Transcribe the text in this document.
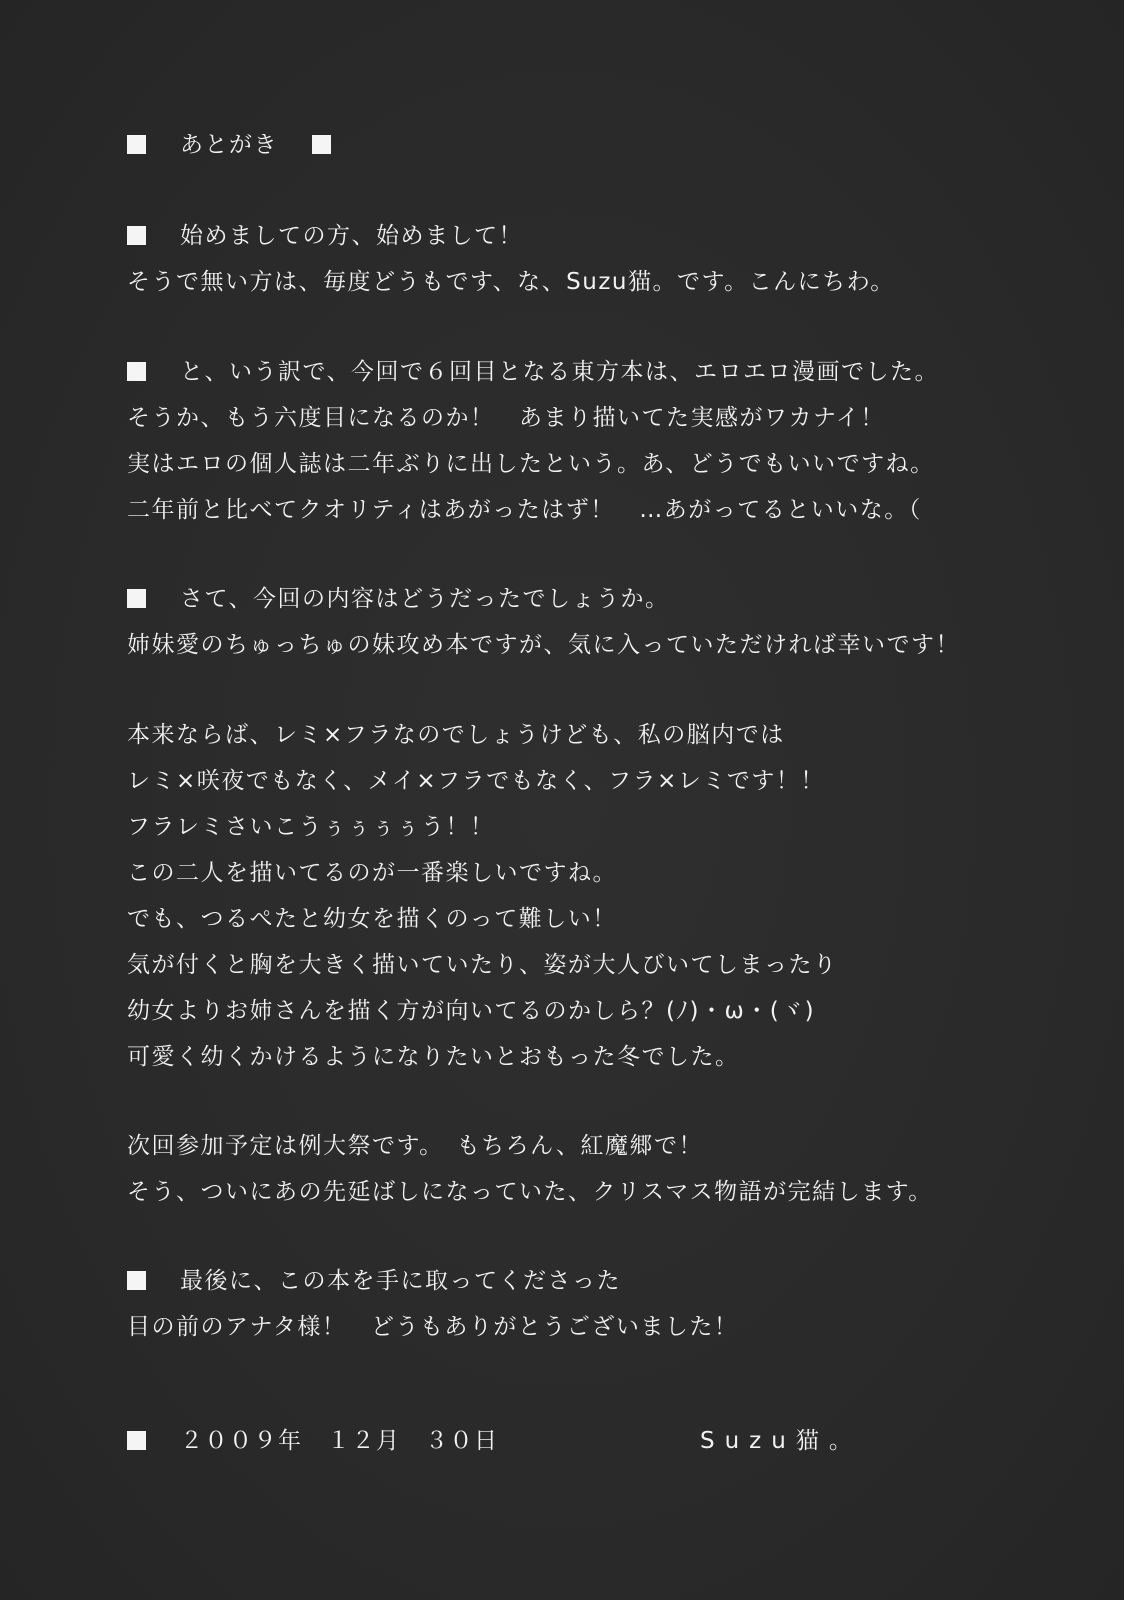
あとがき
始めましての方、始めまして！
そうで無い方は、毎度どうもです、な、Suzu猫。です。こんにちわ。
と、いう訳で、今回で６回目となる東方本は、エロエロ漫画でした。
そうか、もう六度目になるのか！　あまり描いてた実感がワカナイ！
実はエロの個人誌は二年ぶりに出したという。あ、どうでもいいですね。
二年前と比べてクオリティはあがったはず！　…あがってるといいな。（
さて、今回の内容はどうだったでしょうか。
姉妹愛のちゅっちゅの妹攻め本ですが、気に入っていただければ幸いです！
本来ならば、レミ×フラなのでしょうけども、私の脳内では
レミ×咲夜でもなく、メイ×フラでもなく、フラ×レミです！！
フラレミさいこうぅぅぅぅう！！
この二人を描いてるのが一番楽しいですね。
でも、つるぺたと幼女を描くのって難しい！
気が付くと胸を大きく描いていたり、姿が大人びいてしまったり
幼女よりお姉さんを描く方が向いてるのかしら？(ﾉ)・ω・(ヾ)
可愛く幼くかけるようになりたいとおもった冬でした。
次回参加予定は例大祭です。　もちろん、紅魔郷で！
そう、ついにあの先延ばしになっていた、クリスマス物語が完結します。
最後に、この本を手に取ってくださった
目の前のアナタ様！　どうもありがとうございました！
２００９年　１２月　３０日	Suzu猫。
